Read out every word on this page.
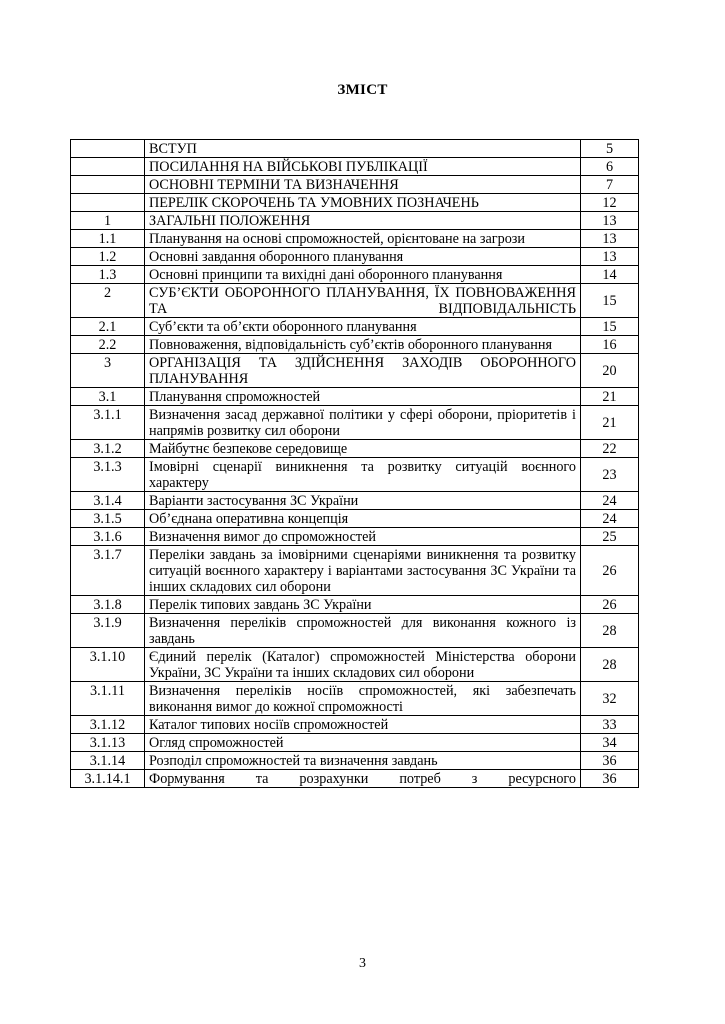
ЗМІСТ
	ВСТУП	5
	ПОСИЛАННЯ НА ВІЙСЬКОВІ ПУБЛІКАЦІЇ	6
	ОСНОВНІ ТЕРМІНИ ТА ВИЗНАЧЕННЯ	7
	ПЕРЕЛІК СКОРОЧЕНЬ ТА УМОВНИХ ПОЗНАЧЕНЬ	12
1	ЗАГАЛЬНІ ПОЛОЖЕННЯ	13
1.1	Планування на основі спроможностей, орієнтоване на загрози	13
1.2	Основні завдання оборонного планування	13
1.3	Основні принципи та вихідні дані оборонного планування	14
2	СУБ’ЄКТИ ОБОРОННОГО ПЛАНУВАННЯ, ЇХ ПОВНОВАЖЕННЯ ТА ВІДПОВІДАЛЬНІСТЬ	15
2.1	Суб’єкти та об’єкти оборонного планування	15
2.2	Повноваження, відповідальність суб’єктів оборонного планування	16
3	ОРГАНІЗАЦІЯ ТА ЗДІЙСНЕННЯ ЗАХОДІВ ОБОРОННОГО ПЛАНУВАННЯ	20
3.1	Планування спроможностей	21
3.1.1	Визначення засад державної політики у сфері оборони, пріоритетів і напрямів розвитку сил оборони	21
3.1.2	Майбутнє безпекове середовище	22
3.1.3	Імовірні сценарії виникнення та розвитку ситуацій воєнного характеру	23
3.1.4	Варіанти застосування ЗС України	24
3.1.5	Об’єднана оперативна концепція	24
3.1.6	Визначення вимог до спроможностей	25
3.1.7	Переліки завдань за імовірними сценаріями виникнення та розвитку ситуацій воєнного характеру і варіантами застосування ЗС України та інших складових сил оборони	26
3.1.8	Перелік типових завдань ЗС України	26
3.1.9	Визначення переліків спроможностей для виконання кожного із завдань	28
3.1.10	Єдиний перелік (Каталог) спроможностей Міністерства оборони України, ЗС України та інших складових сил оборони	28
3.1.11	Визначення переліків носіїв спроможностей, які забезпечать виконання вимог до кожної спроможності	32
3.1.12	Каталог типових носіїв спроможностей	33
3.1.13	Огляд спроможностей	34
3.1.14	Розподіл спроможностей та визначення завдань	36
3.1.14.1	Формування та розрахунки потреб з ресурсного	36
3
